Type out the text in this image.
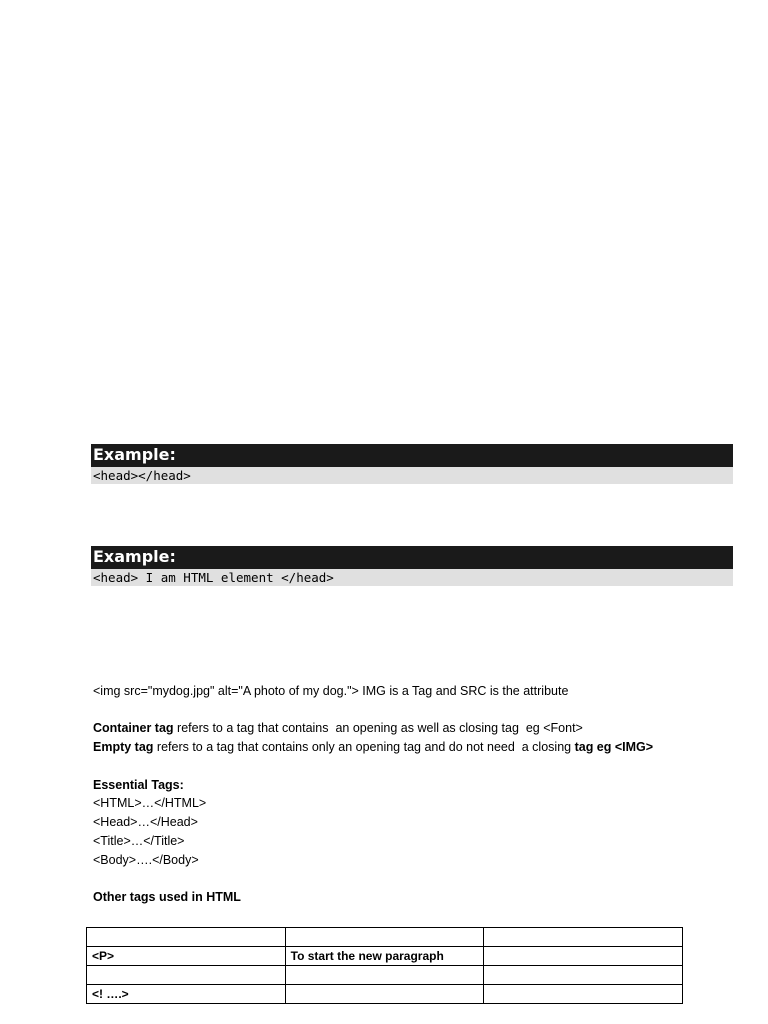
Example:
<head></head>
Example:
<head> I am HTML element </head>
<img src="mydog.jpg" alt="A photo of my dog."> IMG is a Tag and SRC is the attribute
Container tag refers to a tag that contains  an opening as well as closing tag  eg <Font>
Empty tag refers to a tag that contains only an opening tag and do not need  a closing tag eg <IMG>
Essential Tags:
<HTML>…</HTML>
<Head>…</Head>
<Title>…</Title>
<Body>….</Body>
Other tags used in HTML

<P>	To start the new paragraph	

<! ….>		
